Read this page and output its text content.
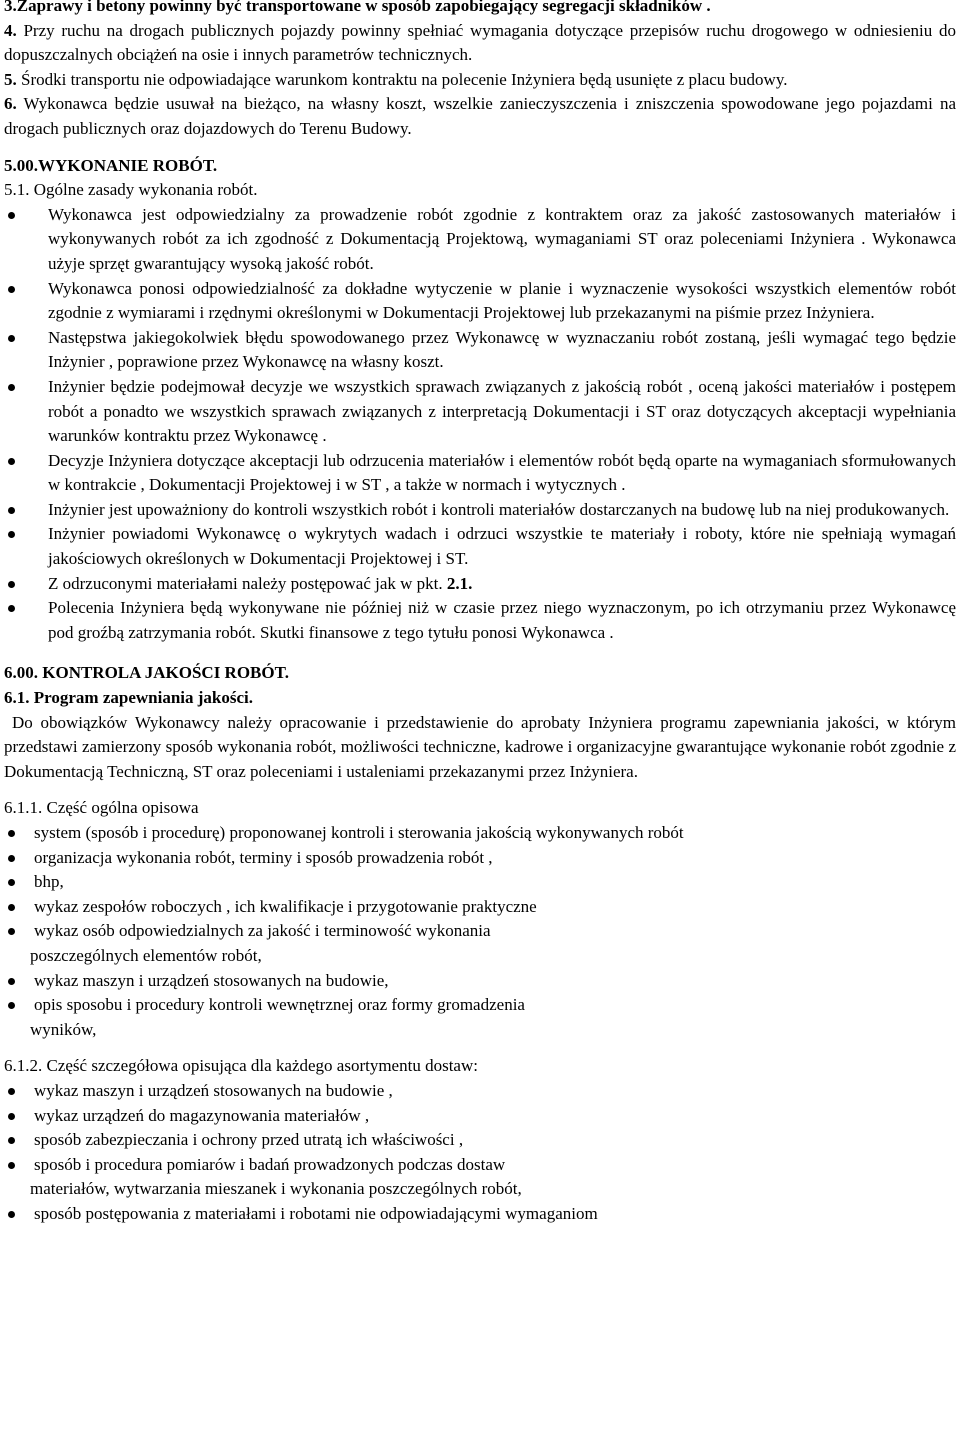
3.Zaprawy i betony powinny być transportowane w sposób zapobiegający segregacji składników .

4. Przy ruchu na drogach publicznych pojazdy powinny spełniać wymagania dotyczące przepisów ruchu drogowego w odniesieniu do dopuszczalnych obciążeń na osie i innych parametrów technicznych.

5. Środki transportu nie odpowiadające warunkom kontraktu na polecenie Inżyniera będą usunięte z placu budowy.

6. Wykonawca będzie usuwał na bieżąco, na własny koszt, wszelkie zanieczyszczenia i zniszczenia spowodowane jego pojazdami na drogach publicznych oraz dojazdowych do Terenu Budowy.

5.00.WYKONANIE ROBÓT.

5.1. Ogólne zasady wykonania robót.

Wykonawca jest odpowiedzialny za prowadzenie robót zgodnie z kontraktem oraz za jakość zastosowanych materiałów i wykonywanych robót za ich zgodność z Dokumentacją Projektową, wymaganiami ST oraz poleceniami Inżyniera . Wykonawca użyje sprzęt gwarantujący wysoką jakość robót.
Wykonawca ponosi odpowiedzialność za dokładne wytyczenie w planie i wyznaczenie wysokości wszystkich elementów robót zgodnie z wymiarami i rzędnymi określonymi w Dokumentacji Projektowej lub przekazanymi na piśmie przez Inżyniera.
Następstwa jakiegokolwiek błędu spowodowanego przez Wykonawcę w wyznaczaniu robót zostaną, jeśli wymagać tego będzie Inżynier , poprawione przez Wykonawcę na własny koszt.
Inżynier będzie podejmował decyzje we wszystkich sprawach związanych z jakością robót , oceną jakości materiałów i postępem robót a ponadto we wszystkich sprawach związanych z interpretacją Dokumentacji i ST oraz dotyczących akceptacji wypełniania warunków kontraktu przez Wykonawcę .
Decyzje Inżyniera dotyczące akceptacji lub odrzucenia materiałów i elementów robót będą oparte na wymaganiach sformułowanych w kontrakcie , Dokumentacji Projektowej i w ST , a także w normach i wytycznych .
Inżynier jest upoważniony do kontroli wszystkich robót i kontroli materiałów dostarczanych na budowę lub na niej produkowanych.
Inżynier powiadomi Wykonawcę o wykrytych wadach i odrzuci wszystkie te materiały i roboty, które nie spełniają wymagań jakościowych określonych w Dokumentacji Projektowej i ST.
Z odrzuconymi materiałami należy postępować jak w pkt. 2.1.
Polecenia Inżyniera będą wykonywane nie później niż w czasie przez niego wyznaczonym, po ich otrzymaniu przez Wykonawcę pod groźbą zatrzymania robót. Skutki finansowe z tego tytułu ponosi Wykonawca .

6.00. KONTROLA JAKOŚCI ROBÓT.

6.1. Program zapewniania jakości.

Do obowiązków Wykonawcy należy opracowanie i przedstawienie do aprobaty Inżyniera programu zapewniania jakości, w którym przedstawi zamierzony sposób wykonania robót, możliwości techniczne, kadrowe i organizacyjne gwarantujące wykonanie robót zgodnie z Dokumentacją Techniczną, ST oraz poleceniami i ustaleniami przekazanymi przez Inżyniera.

6.1.1. Część ogólna opisowa

system (sposób i procedurę) proponowanej kontroli i sterowania jakością wykonywanych robót
organizacja wykonania robót, terminy i sposób prowadzenia robót ,
bhp,
wykaz zespołów roboczych , ich kwalifikacje i przygotowanie praktyczne
wykaz osób odpowiedzialnych za jakość i terminowość wykonania

poszczególnych elementów robót,

wykaz maszyn i urządzeń stosowanych na budowie,
opis sposobu i procedury kontroli wewnętrznej oraz formy gromadzenia

wyników,

6.1.2. Część szczegółowa opisująca dla każdego asortymentu dostaw:

wykaz maszyn i urządzeń stosowanych na budowie ,
wykaz urządzeń do magazynowania materiałów ,
sposób zabezpieczania i ochrony przed utratą ich właściwości ,
sposób i procedura pomiarów i badań prowadzonych podczas dostaw

materiałów, wytwarzania mieszanek i wykonania poszczególnych robót,

sposób postępowania z materiałami i robotami nie odpowiadającymi wymaganiom
